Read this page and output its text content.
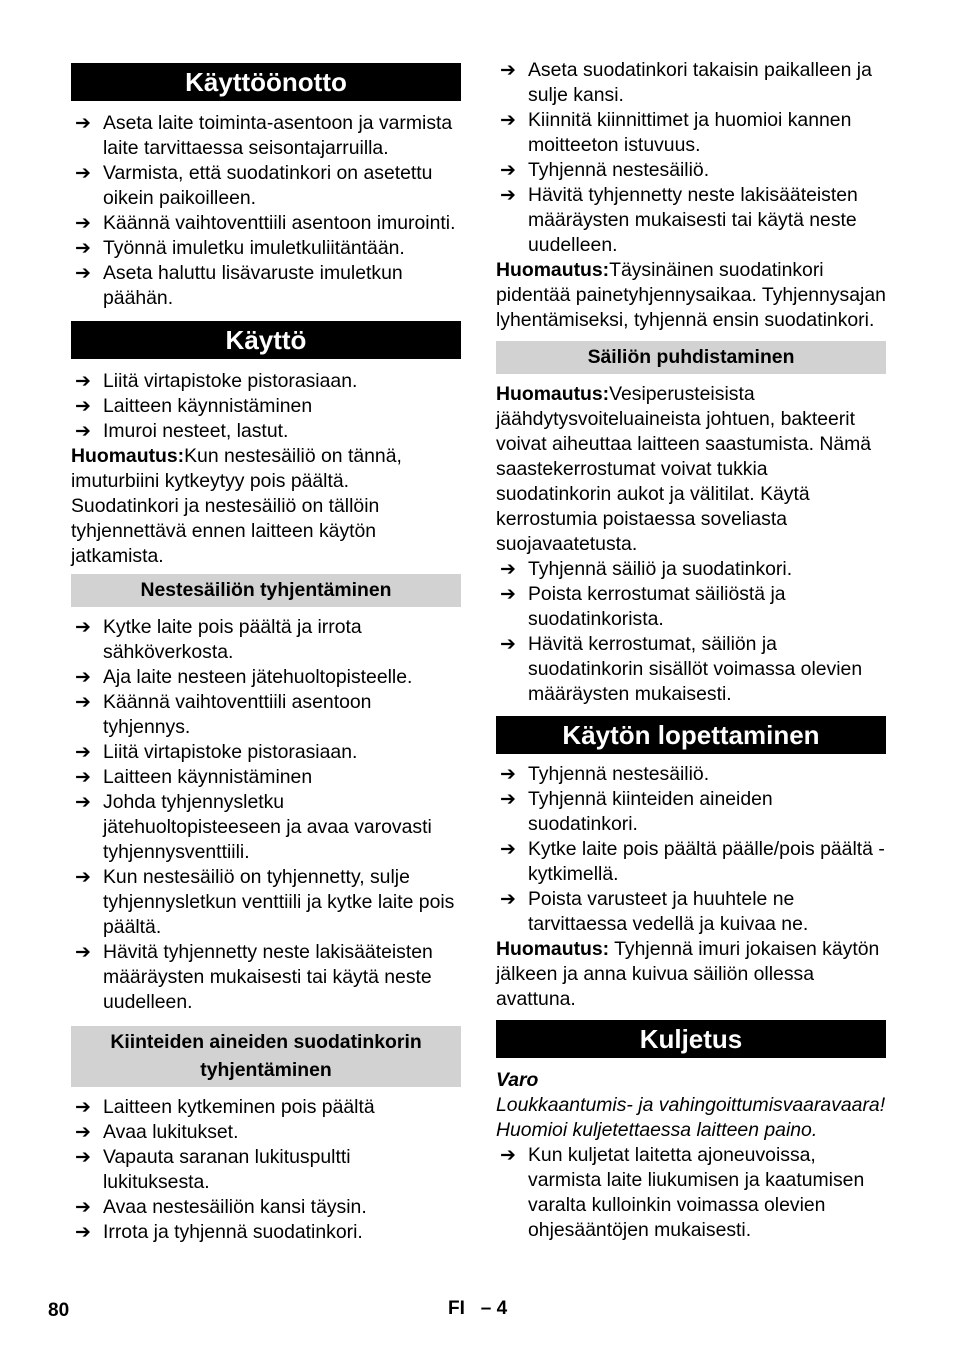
Käyttöönotto
➔ Aseta laite toiminta-asentoon ja varmista laite tarvittaessa seisontajarruilla.
➔ Varmista, että suodatinkori on asetettu oikein paikoilleen.
➔ Käännä vaihtoventtiili asentoon imurointi.
➔ Työnnä imuletku imuletkuliitäntään.
➔ Aseta haluttu lisävaruste imuletkun päähän.
Käyttö
➔ Liitä virtapistoke pistorasiaan.
➔ Laitteen käynnistäminen
➔ Imuroi nesteet, lastut.

Huomautus:Kun nestesäiliö on tännä, imuturbiini kytkeytyy pois päältä. Suodatinkori ja nestesäiliö on tällöin tyhjennettävä ennen laitteen käytön jatkamista.

Nestesäiliön tyhjentäminen
➔ Kytke laite pois päältä ja irrota sähköverkosta.
➔ Aja laite nesteen jätehuoltopisteelle.
➔ Käännä vaihtoventtiili asentoon tyhjennys.
➔ Liitä virtapistoke pistorasiaan.
➔ Laitteen käynnistäminen
➔ Johda tyhjennysletku jätehuoltopisteeseen ja avaa varovasti tyhjennysventtiili.
➔ Kun nestesäiliö on tyhjennetty, sulje tyhjennysletkun venttiili ja kytke laite pois päältä.
➔ Hävitä tyhjennetty neste lakisääteisten määräysten mukaisesti tai käytä neste uudelleen.
Kiinteiden aineiden suodatinkorin tyhjentäminen
➔ Laitteen kytkeminen pois päältä
➔ Avaa lukitukset.
➔ Vapauta saranan lukituspultti lukituksesta.
➔ Avaa nestesäiliön kansi täysin.
➔ Irrota ja tyhjennä suodatinkori.
➔ Aseta suodatinkori takaisin paikalleen ja sulje kansi.
➔ Kiinnitä kiinnittimet ja huomioi kannen moitteeton istuvuus.
➔ Tyhjennä nestesäiliö.
➔ Hävitä tyhjennetty neste lakisääteisten määräysten mukaisesti tai käytä neste uudelleen.

Huomautus:Täysinäinen suodatinkori pidentää painetyhjennysaikaa. Tyhjennysajan lyhentämiseksi, tyhjennä ensin suodatinkori.

Säiliön puhdistaminen

Huomautus:Vesiperusteisista jäähdytysvoiteluaineista johtuen, bakteerit voivat aiheuttaa laitteen saastumista. Nämä saastekerrostumat voivat tukkia suodatinkorin aukot ja välitilat. Käytä kerrostumia poistaessa soveliasta suojavaatetusta.

➔ Tyhjennä säiliö ja suodatinkori.
➔ Poista kerrostumat säiliöstä ja suodatinkorista.
➔ Hävitä kerrostumat, säiliön ja suodatinkorin sisällöt voimassa olevien määräysten mukaisesti.
Käytön lopettaminen
➔ Tyhjennä nestesäiliö.
➔ Tyhjennä kiinteiden aineiden suodatinkori.
➔ Kytke laite pois päältä päälle/pois päältä -kytkimellä.
➔ Poista varusteet ja huuhtele ne tarvittaessa vedellä ja kuivaa ne.

Huomautus: Tyhjennä imuri jokaisen käytön jälkeen ja anna kuivua säiliön ollessa avattuna.

Kuljetus

Varo

Loukkaantumis- ja vahingoittumisvaaravaara! Huomioi kuljetettaessa laitteen paino.

➔ Kun kuljetat laitetta ajoneuvoissa, varmista laite liukumisen ja kaatumisen varalta kulloinkin voimassa olevien ohjesääntöjen mukaisesti.
80	FI   – 4
